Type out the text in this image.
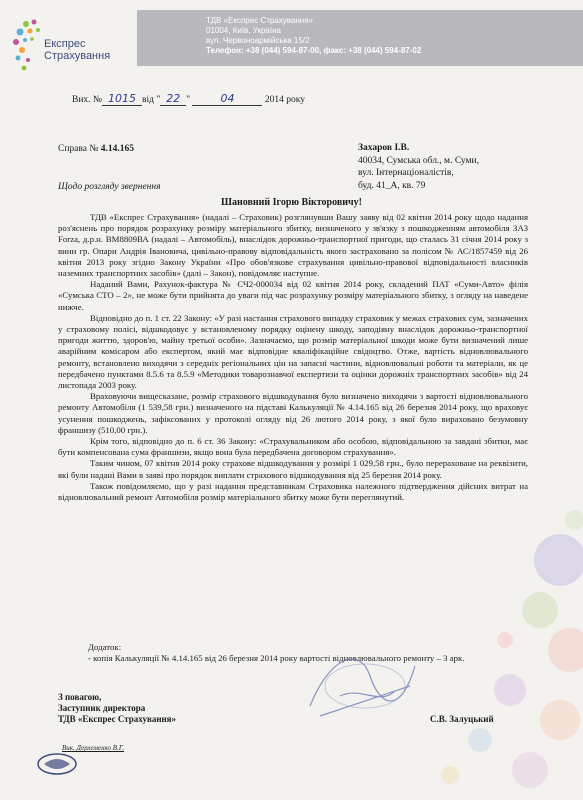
Експрес
Страхування
ТДВ «Експрес Страхування»
01004, Київ, Україна
вул. Червоноармійська 15/2
Телефон: +38 (044) 594-87-00, факс: +38 (044) 594-87-02
Вих. № 1015 від " 22 "	04	2014 року
Справа № 4.14.165	Захаров І.В.
40034, Сумська обл., м. Суми,
вул. Інтернаціоналістів,
буд. 41_А, кв. 79
Щодо розгляду звернення
Шановний Ігорю Вікторовичу!

ТДВ «Експрес Страхування» (надалі – Страховик) розглянувши Вашу заяву від 02 квітня 2014 року щодо надання роз'яснень про порядок розрахунку розміру матеріального збитку, визначеного у зв'язку з пошкодженням автомобіля ЗАЗ Forza, д.р.н. ВМ8809ВА (надалі – Автомобіль), внаслідок дорожньо-транспортної пригоди, що сталась 31 січня 2014 року з вини гр. Опари Андрія Івановича, цивільно-правову відповідальність якого застраховано за полісом № АС/1857459 від 26 квітня 2013 року згідно Закону України «Про обов'язкове страхування цивільно-правової відповідальності власників наземних транспортних засобів» (далі – Закон), повідомляє наступне.

Наданий Вами, Рахунок-фактура № СЧ2-000034 від 02 квітня 2014 року, складений ПАТ «Суми-Авто» філія «Сумська СТО – 2», не може бути прийнята до уваги під час розрахунку розміру матеріального збитку, з огляду на наведене нижче.

Відповідно до п. 1 ст. 22 Закону: «У разі настання страхового випадку страховик у межах страхових сум, зазначених у страховому полісі, відшкодовує у встановленому порядку оцінену шкоду, заподіяну внаслідок дорожньо-транспортної пригоди життю, здоров'ю, майну третьої особи». Зазначаємо, що розмір матеріальної шкоди може бути визначений лише аварійним комісаром або експертом, який має відповідне кваліфікаційне свідоцтво. Отже, вартість відновлювального ремонту, встановлено виходячи з середніх регіональних цін на запасні частини, відновлювальні роботи та матеріали, як це передбачено пунктами 8.5.6 та 8.5.9 «Методики товарознавчої експертизи та оцінки дорожніх транспортних засобів» від 24 листопада 2003 року.

Враховуючи вищесказане, розмір страхового відшкодування було визначено виходячи з вартості відновлювального ремонту Автомобіля (1 539,58 грн.) визначеного на підставі Калькуляції № 4.14.165 від 26 березня 2014 року, що враховує усунення пошкоджень, зафіксованих у протоколі огляду від 26 лютого 2014 року, з якої було вираховано безумовну франшизу (510,00 грн.).

Крім того, відповідно до п. 6 ст. 36 Закону: «Страхувальником або особою, відповідальною за завдані збитки, має бути компенсована сума франшизи, якщо вона була передбачена договором страхування».

Таким чином, 07 квітня 2014 року страхове відшкодування у розмірі 1 029,58 грн., було перераховане на реквізити, які були надані Вами в заяві про порядок виплати страхового відшкодування від 25 березня 2014 року.

Також повідомляємо, що у разі надання представникам Страховика належного підтвердження дійсних витрат на відновлювальний ремонт Автомобіля розмір матеріального збитку може бути переглянутий.

Додаток:
- копія Калькуляції № 4.14.165 від 26 березня 2014 року вартості відновлювального ремонту – 3 арк.
З повагою,
Заступник директора
ТДВ «Експрес Страхування»	С.В. Залуцький
Вик. Дерлеменко В.Г.
